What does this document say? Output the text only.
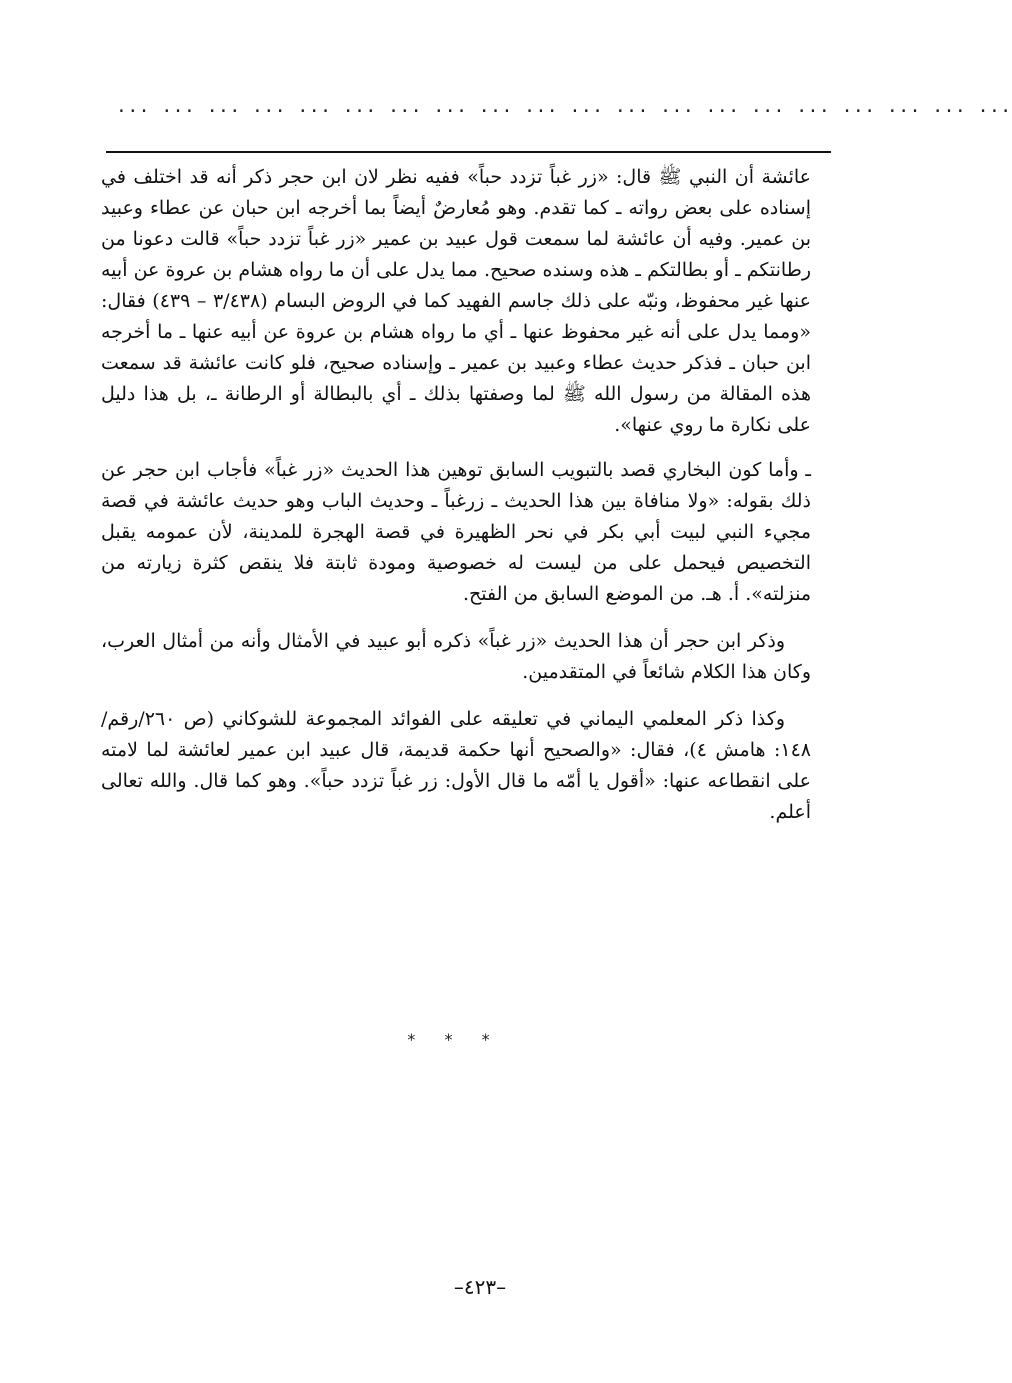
... ... ... ... ... ... ... ... ... ... ... ... ... ... ... ... ... ... ... ...

عائشة أن النبي ﷺ قال: «زر غباً تزدد حباً» ففيه نظر لان ابن حجر ذكر أنه قد اختلف في إسناده على بعض رواته ـ كما تقدم. وهو مُعارضٌ أيضاً بما أخرجه ابن حبان عن عطاء وعبيد بن عمير. وفيه أن عائشة لما سمعت قول عبيد بن عمير «زر غباً تزدد حباً» قالت دعونا من رطانتكم ـ أو بطالتكم ـ هذه وسنده صحيح. مما يدل على أن ما رواه هشام بن عروة عن أبيه عنها غير محفوظ، ونبّه على ذلك جاسم الفهيد كما في الروض البسام (٣/٤٣٨ – ٤٣٩) فقال: «ومما يدل على أنه غير محفوظ عنها ـ أي ما رواه هشام بن عروة عن أبيه عنها ـ ما أخرجه ابن حبان ـ فذكر حديث عطاء وعبيد بن عمير ـ وإسناده صحيح، فلو كانت عائشة قد سمعت هذه المقالة من رسول الله ﷺ لما وصفتها بذلك ـ أي بالبطالة أو الرطانة ـ، بل هذا دليل على نكارة ما روي عنها».

ـ وأما كون البخاري قصد بالتبويب السابق توهين هذا الحديث «زر غباً» فأجاب ابن حجر عن ذلك بقوله: «ولا منافاة بين هذا الحديث ـ زرغباً ـ وحديث الباب وهو حديث عائشة في قصة مجيء النبي لبيت أبي بكر في نحر الظهيرة في قصة الهجرة للمدينة، لأن عمومه يقبل التخصيص فيحمل على من ليست له خصوصية ومودة ثابتة فلا ينقص كثرة زيارته من منزلته». أ. هـ. من الموضع السابق من الفتح.

وذكر ابن حجر أن هذا الحديث «زر غباً» ذكره أبو عبيد في الأمثال وأنه من أمثال العرب، وكان هذا الكلام شائعاً في المتقدمين.

وكذا ذكر المعلمي اليماني في تعليقه على الفوائد المجموعة للشوكاني (ص ٢٦٠/رقم/١٤٨: هامش ٤)، فقال: «والصحيح أنها حكمة قديمة، قال عبيد ابن عمير لعائشة لما لامته على انقطاعه عنها: «أقول يا أمّه ما قال الأول: زر غباً تزدد حباً». وهو كما قال. والله تعالى أعلم.

* * *
–٤٢٣–
